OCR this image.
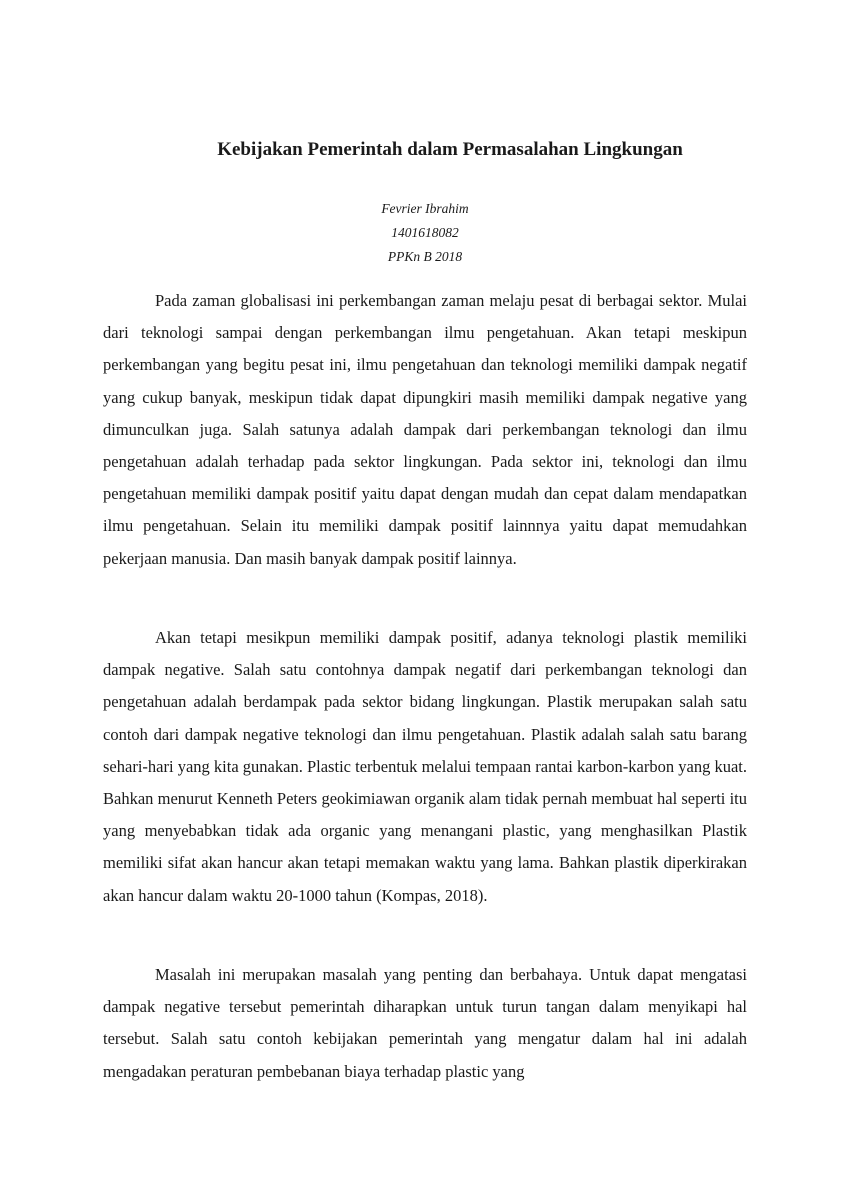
Kebijakan Pemerintah dalam Permasalahan Lingkungan
Fevrier Ibrahim
1401618082
PPKn B 2018

Pada zaman globalisasi ini perkembangan zaman melaju pesat di berbagai sektor. Mulai dari teknologi sampai dengan perkembangan ilmu pengetahuan. Akan tetapi meskipun perkembangan yang begitu pesat ini, ilmu pengetahuan dan teknologi memiliki dampak negatif yang cukup banyak, meskipun tidak dapat dipungkiri masih memiliki dampak negative yang dimunculkan juga. Salah satunya adalah dampak dari perkembangan teknologi dan ilmu pengetahuan adalah terhadap pada sektor lingkungan. Pada sektor ini, teknologi dan ilmu pengetahuan memiliki dampak positif yaitu dapat dengan mudah dan cepat dalam mendapatkan ilmu pengetahuan. Selain itu memiliki dampak positif lainnnya yaitu dapat memudahkan pekerjaan manusia. Dan masih banyak dampak positif lainnya.

Akan tetapi mesikpun memiliki dampak positif, adanya teknologi plastik memiliki dampak negative. Salah satu contohnya dampak negatif dari perkembangan teknologi dan pengetahuan adalah berdampak pada sektor bidang lingkungan. Plastik merupakan salah satu contoh dari dampak negative teknologi dan ilmu pengetahuan. Plastik adalah salah satu barang sehari-hari yang kita gunakan. Plastic terbentuk melalui tempaan rantai karbon-karbon yang kuat. Bahkan menurut Kenneth Peters geokimiawan organik alam tidak pernah membuat hal seperti itu yang menyebabkan tidak ada organic yang menangani plastic, yang menghasilkan Plastik memiliki sifat akan hancur akan tetapi memakan waktu yang lama. Bahkan plastik diperkirakan akan hancur dalam waktu 20-1000 tahun (Kompas, 2018).

Masalah ini merupakan masalah yang penting dan berbahaya. Untuk dapat mengatasi dampak negative tersebut pemerintah diharapkan untuk turun tangan dalam menyikapi hal tersebut. Salah satu contoh kebijakan pemerintah yang mengatur dalam hal ini adalah mengadakan peraturan pembebanan biaya terhadap plastic yang
